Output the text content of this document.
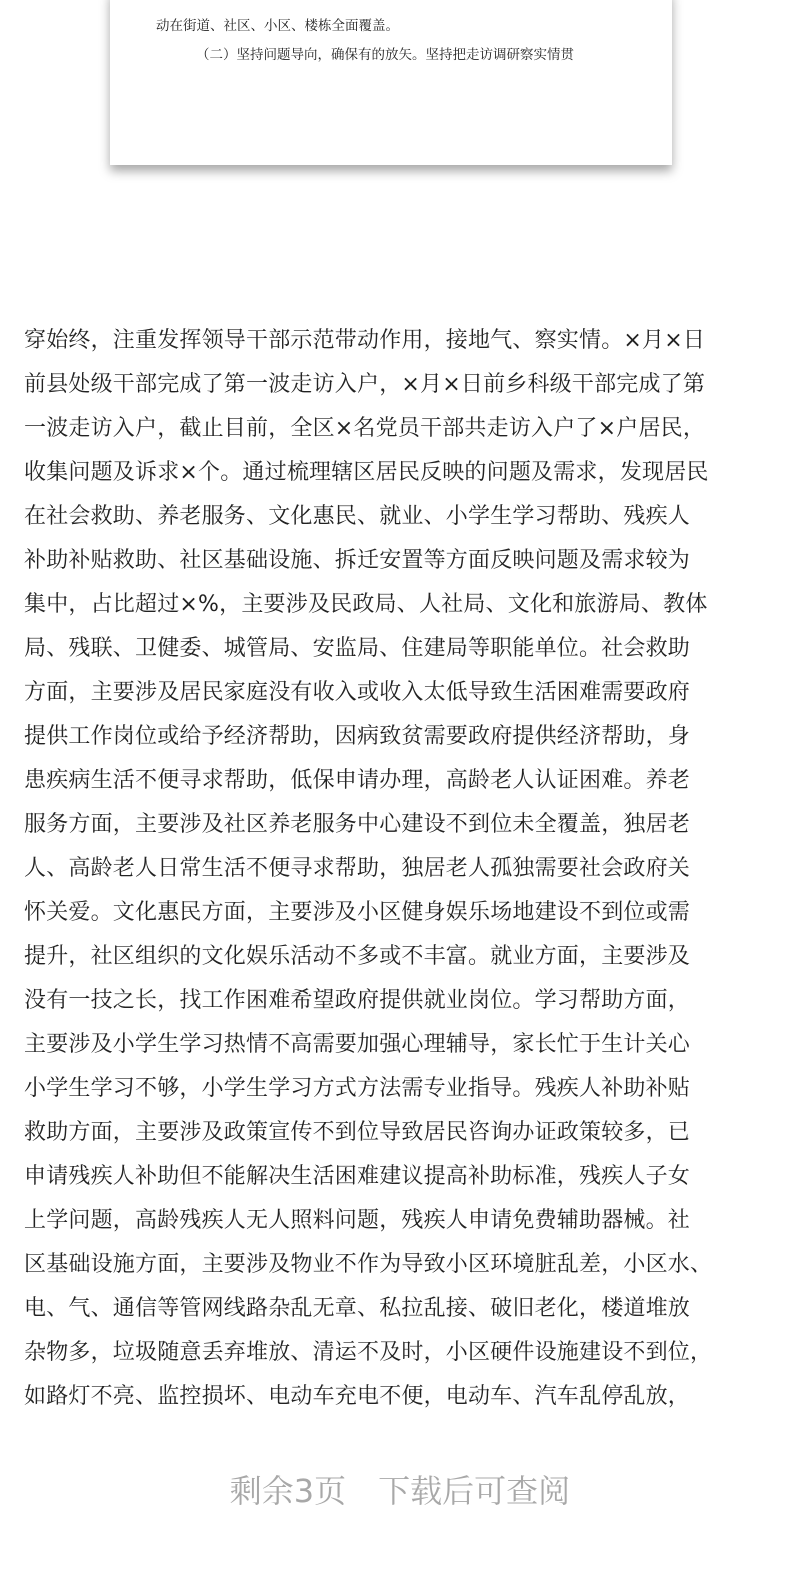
动在街道、社区、小区、楼栋全面覆盖。
（二）坚持问题导向，确保有的放矢。坚持把走访调研察实情贯
穿始终，注重发挥领导干部示范带动作用，接地气、察实情。×月×日
前县处级干部完成了第一波走访入户，×月×日前乡科级干部完成了第
一波走访入户，截止目前，全区×名党员干部共走访入户了×户居民，
收集问题及诉求×个。通过梳理辖区居民反映的问题及需求，发现居民
在社会救助、养老服务、文化惠民、就业、小学生学习帮助、残疾人
补助补贴救助、社区基础设施、拆迁安置等方面反映问题及需求较为
集中，占比超过×%，主要涉及民政局、人社局、文化和旅游局、教体
局、残联、卫健委、城管局、安监局、住建局等职能单位。社会救助
方面，主要涉及居民家庭没有收入或收入太低导致生活困难需要政府
提供工作岗位或给予经济帮助，因病致贫需要政府提供经济帮助，身
患疾病生活不便寻求帮助，低保申请办理，高龄老人认证困难。养老
服务方面，主要涉及社区养老服务中心建设不到位未全覆盖，独居老
人、高龄老人日常生活不便寻求帮助，独居老人孤独需要社会政府关
怀关爱。文化惠民方面，主要涉及小区健身娱乐场地建设不到位或需
提升，社区组织的文化娱乐活动不多或不丰富。就业方面，主要涉及
没有一技之长，找工作困难希望政府提供就业岗位。学习帮助方面，
主要涉及小学生学习热情不高需要加强心理辅导，家长忙于生计关心
小学生学习不够，小学生学习方式方法需专业指导。残疾人补助补贴
救助方面，主要涉及政策宣传不到位导致居民咨询办证政策较多，已
申请残疾人补助但不能解决生活困难建议提高补助标准，残疾人子女
上学问题，高龄残疾人无人照料问题，残疾人申请免费辅助器械。社
区基础设施方面，主要涉及物业不作为导致小区环境脏乱差，小区水、
电、气、通信等管网线路杂乱无章、私拉乱接、破旧老化，楼道堆放
杂物多，垃圾随意丢弃堆放、清运不及时，小区硬件设施建设不到位，
如路灯不亮、监控损坏、电动车充电不便，电动车、汽车乱停乱放，
剩余3页 下载后可查阅
